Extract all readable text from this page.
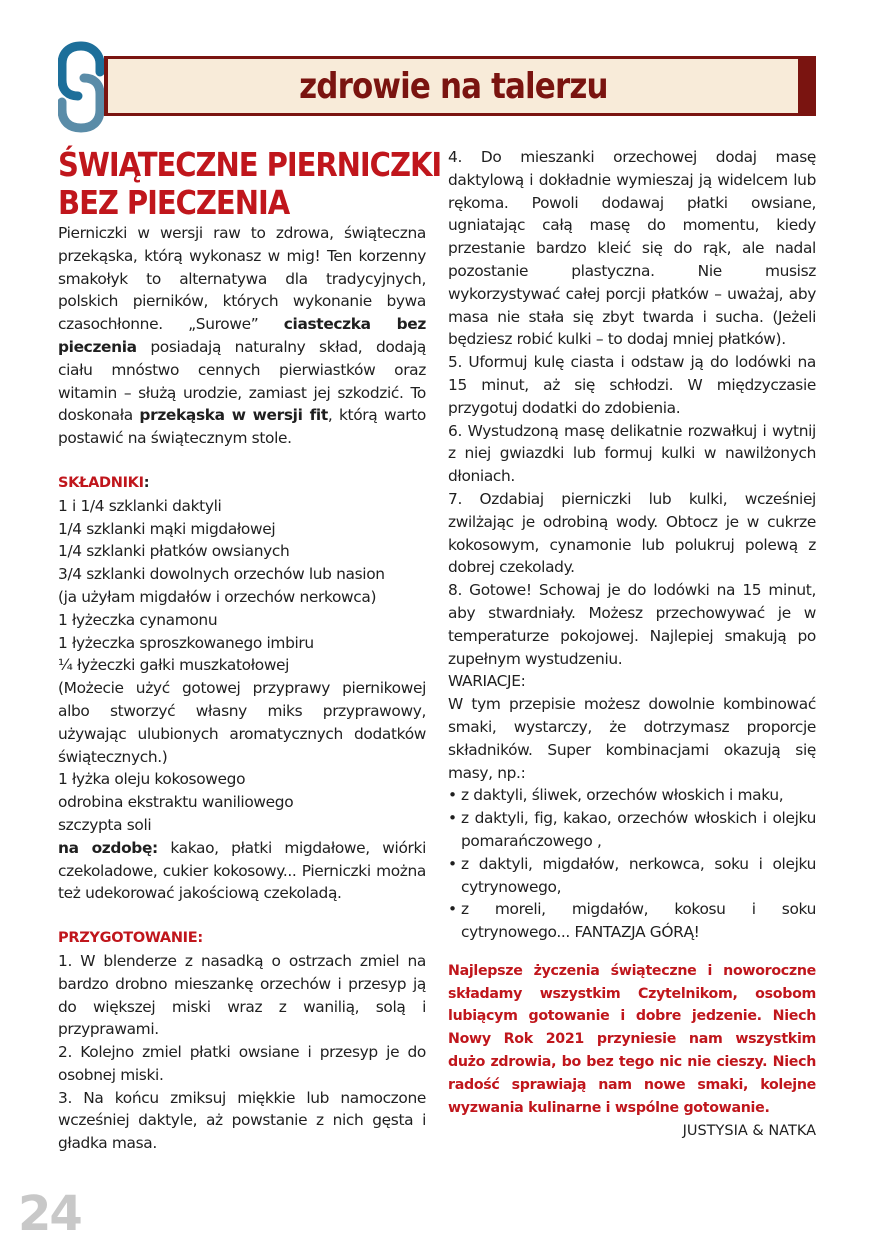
zdrowie na talerzu
ŚWIĄTECZNE PIERNICZKI
BEZ PIECZENIA

Pierniczki w wersji raw to zdrowa, świąteczna przekąska, którą wykonasz w mig! Ten korzenny smakołyk to alternatywa dla tradycyjnych, polskich pierników, których wykonanie bywa czasochłonne. „Surowe” ciasteczka bez pieczenia posiadają naturalny skład, dodają ciału mnóstwo cennych pierwiastków oraz witamin – służą urodzie, zamiast jej szkodzić. To doskonała przekąska w wersji fit, którą warto postawić na świątecznym stole.

SKŁADNIKI:
1 i 1/4 szklanki daktyli
1/4 szklanki mąki migdałowej
1/4 szklanki płatków owsianych
3/4 szklanki dowolnych orzechów lub nasion
(ja użyłam migdałów i orzechów nerkowca)
1 łyżeczka cynamonu
1 łyżeczka sproszkowanego imbiru
¼ łyżeczki gałki muszkatołowej

(Możecie użyć gotowej przyprawy piernikowej albo stworzyć własny miks przyprawowy, używając ulubionych aromatycznych dodatków świątecznych.)

1 łyżka oleju kokosowego
odrobina ekstraktu waniliowego
szczypta soli

na ozdobę: kakao, płatki migdałowe, wiórki czekoladowe, cukier kokosowy... Pierniczki można też udekorować jakościową czekoladą.

PRZYGOTOWANIE:

1. W blenderze z nasadką o ostrzach zmiel na bardzo drobno mieszankę orzechów i przesyp ją do większej miski wraz z wanilią, solą i przyprawami.

2. Kolejno zmiel płatki owsiane i przesyp je do osobnej miski.

3. Na końcu zmiksuj miękkie lub namoczone wcześniej daktyle, aż powstanie z nich gęsta i gładka masa.

4. Do mieszanki orzechowej dodaj masę daktylową i dokładnie wymieszaj ją widelcem lub rękoma. Powoli dodawaj płatki owsiane, ugniatając całą masę do momentu, kiedy przestanie bardzo kleić się do rąk, ale nadal pozostanie plastyczna. Nie musisz wykorzystywać całej porcji płatków – uważaj, aby masa nie stała się zbyt twarda i sucha. (Jeżeli będziesz robić kulki – to dodaj mniej płatków).

5. Uformuj kulę ciasta i odstaw ją do lodówki na 15 minut, aż się schłodzi. W międzyczasie przygotuj dodatki do zdobienia.

6. Wystudzoną masę delikatnie rozwałkuj i wytnij z niej gwiazdki lub formuj kulki w nawilżonych dłoniach.

7. Ozdabiaj pierniczki lub kulki, wcześniej zwilżając je odrobiną wody. Obtocz je w cukrze kokosowym, cynamonie lub polukruj polewą z dobrej czekolady.

8. Gotowe! Schowaj je do lodówki na 15 minut, aby stwardniały. Możesz przechowywać je w temperaturze pokojowej. Najlepiej smakują po zupełnym wystudzeniu.

WARIACJE:

W tym przepisie możesz dowolnie kombinować smaki, wystarczy, że dotrzymasz proporcje składników. Super kombinacjami okazują się masy, np.:

• z daktyli, śliwek, orzechów włoskich i maku,
• z daktyli, fig, kakao, orzechów włoskich i olejku pomarańczowego ,
• z daktyli, migdałów, nerkowca, soku i olejku cytrynowego,
• z moreli, migdałów, kokosu i soku cytrynowego... FANTAZJA GÓRĄ!

Najlepsze życzenia świąteczne i noworoczne składamy wszystkim Czytelnikom, osobom lubiącym gotowanie i dobre jedzenie. Niech Nowy Rok 2021 przyniesie nam wszystkim dużo zdrowia, bo bez tego nic nie cieszy. Niech radość sprawiają nam nowe smaki, kolejne wyzwania kulinarne i wspólne gotowanie.

JUSTYSIA & NATKA
24
